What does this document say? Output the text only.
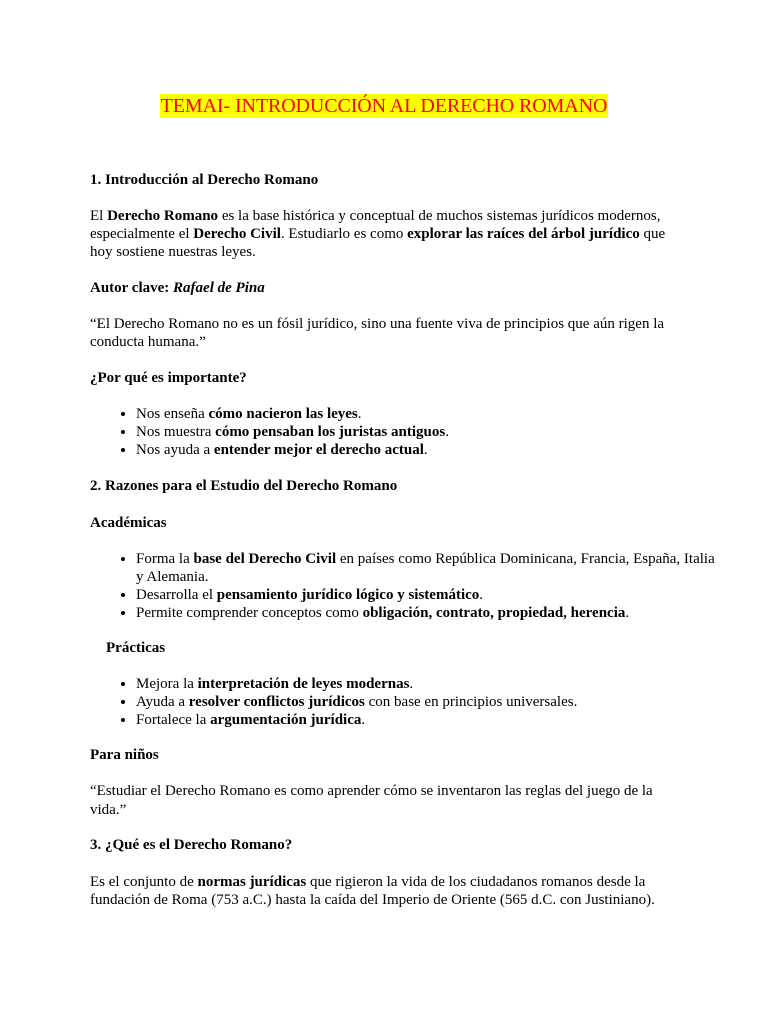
TEMAI- INTRODUCCIÓN AL DERECHO ROMANO

1. Introducción al Derecho Romano

El Derecho Romano es la base histórica y conceptual de muchos sistemas jurídicos modernos, especialmente el Derecho Civil. Estudiarlo es como explorar las raíces del árbol jurídico que hoy sostiene nuestras leyes.

Autor clave: Rafael de Pina

“El Derecho Romano no es un fósil jurídico, sino una fuente viva de principios que aún rigen la conducta humana.”

¿Por qué es importante?

• Nos enseña cómo nacieron las leyes.
• Nos muestra cómo pensaban los juristas antiguos.
• Nos ayuda a entender mejor el derecho actual.

2. Razones para el Estudio del Derecho Romano

Académicas

• Forma la base del Derecho Civil en países como República Dominicana, Francia, España, Italia y Alemania.
• Desarrolla el pensamiento jurídico lógico y sistemático.
• Permite comprender conceptos como obligación, contrato, propiedad, herencia.

Prácticas

• Mejora la interpretación de leyes modernas.
• Ayuda a resolver conflictos jurídicos con base en principios universales.
• Fortalece la argumentación jurídica.

Para niños

“Estudiar el Derecho Romano es como aprender cómo se inventaron las reglas del juego de la vida.”

3. ¿Qué es el Derecho Romano?

Es el conjunto de normas jurídicas que rigieron la vida de los ciudadanos romanos desde la fundación de Roma (753 a.C.) hasta la caída del Imperio de Oriente (565 d.C. con Justiniano).
